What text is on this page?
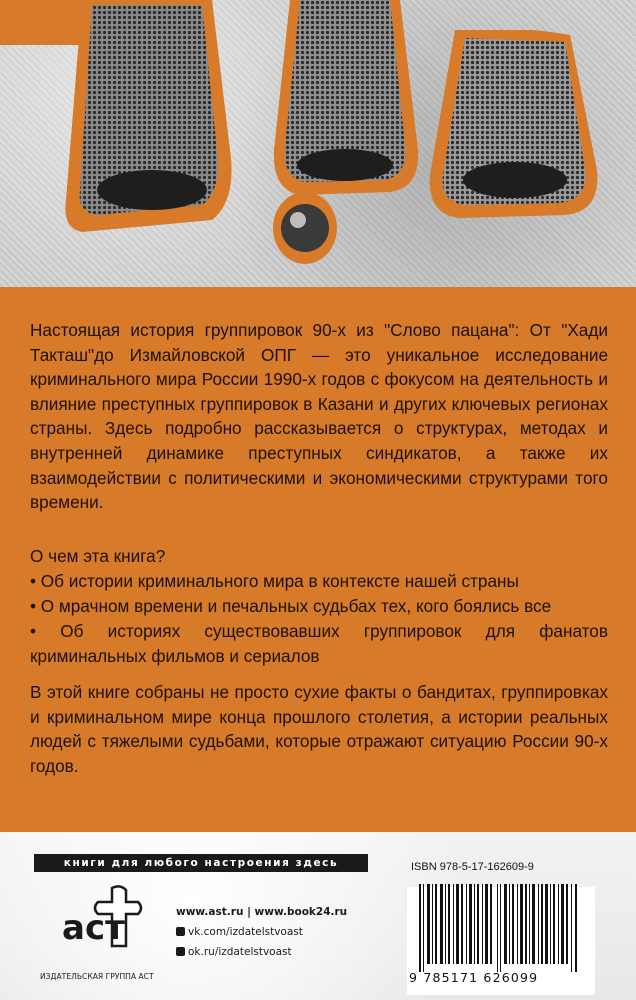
Настоящая история группировок 90-х из "Слово пацана": От "Хади Такташ"до Измайловской ОПГ — это уникальное исследование криминального мира России 1990-х годов с фокусом на деятельность и влияние преступных группировок в Казани и других ключевых регионах страны. Здесь подробно рассказывается о структурах, методах и внутренней динамике преступных синдикатов, а также их взаимодействии с политическими и экономическими структурами того времени.

О чем эта книга?
• Об истории криминального мира в контексте нашей страны
• О мрачном времени и печальных судьбах тех, кого боялись все
• Об историях существовавших группировок для фанатов криминальных фильмов и сериалов

В этой книге собраны не просто сухие факты о бандитах, группировках и криминальном мире конца прошлого столетия, а истории реальных людей с тяжелыми судьбами, которые отражают ситуацию России 90-х годов.

книги для любого настроения здесь
аст
ИЗДАТЕЛЬСКАЯ ГРУППА АСТ
www.ast.ru | www.book24.ru
vk.com/izdatelstvoast
ok.ru/izdatelstvoast
ISBN 978-5-17-162609-9
9 785171 626099
